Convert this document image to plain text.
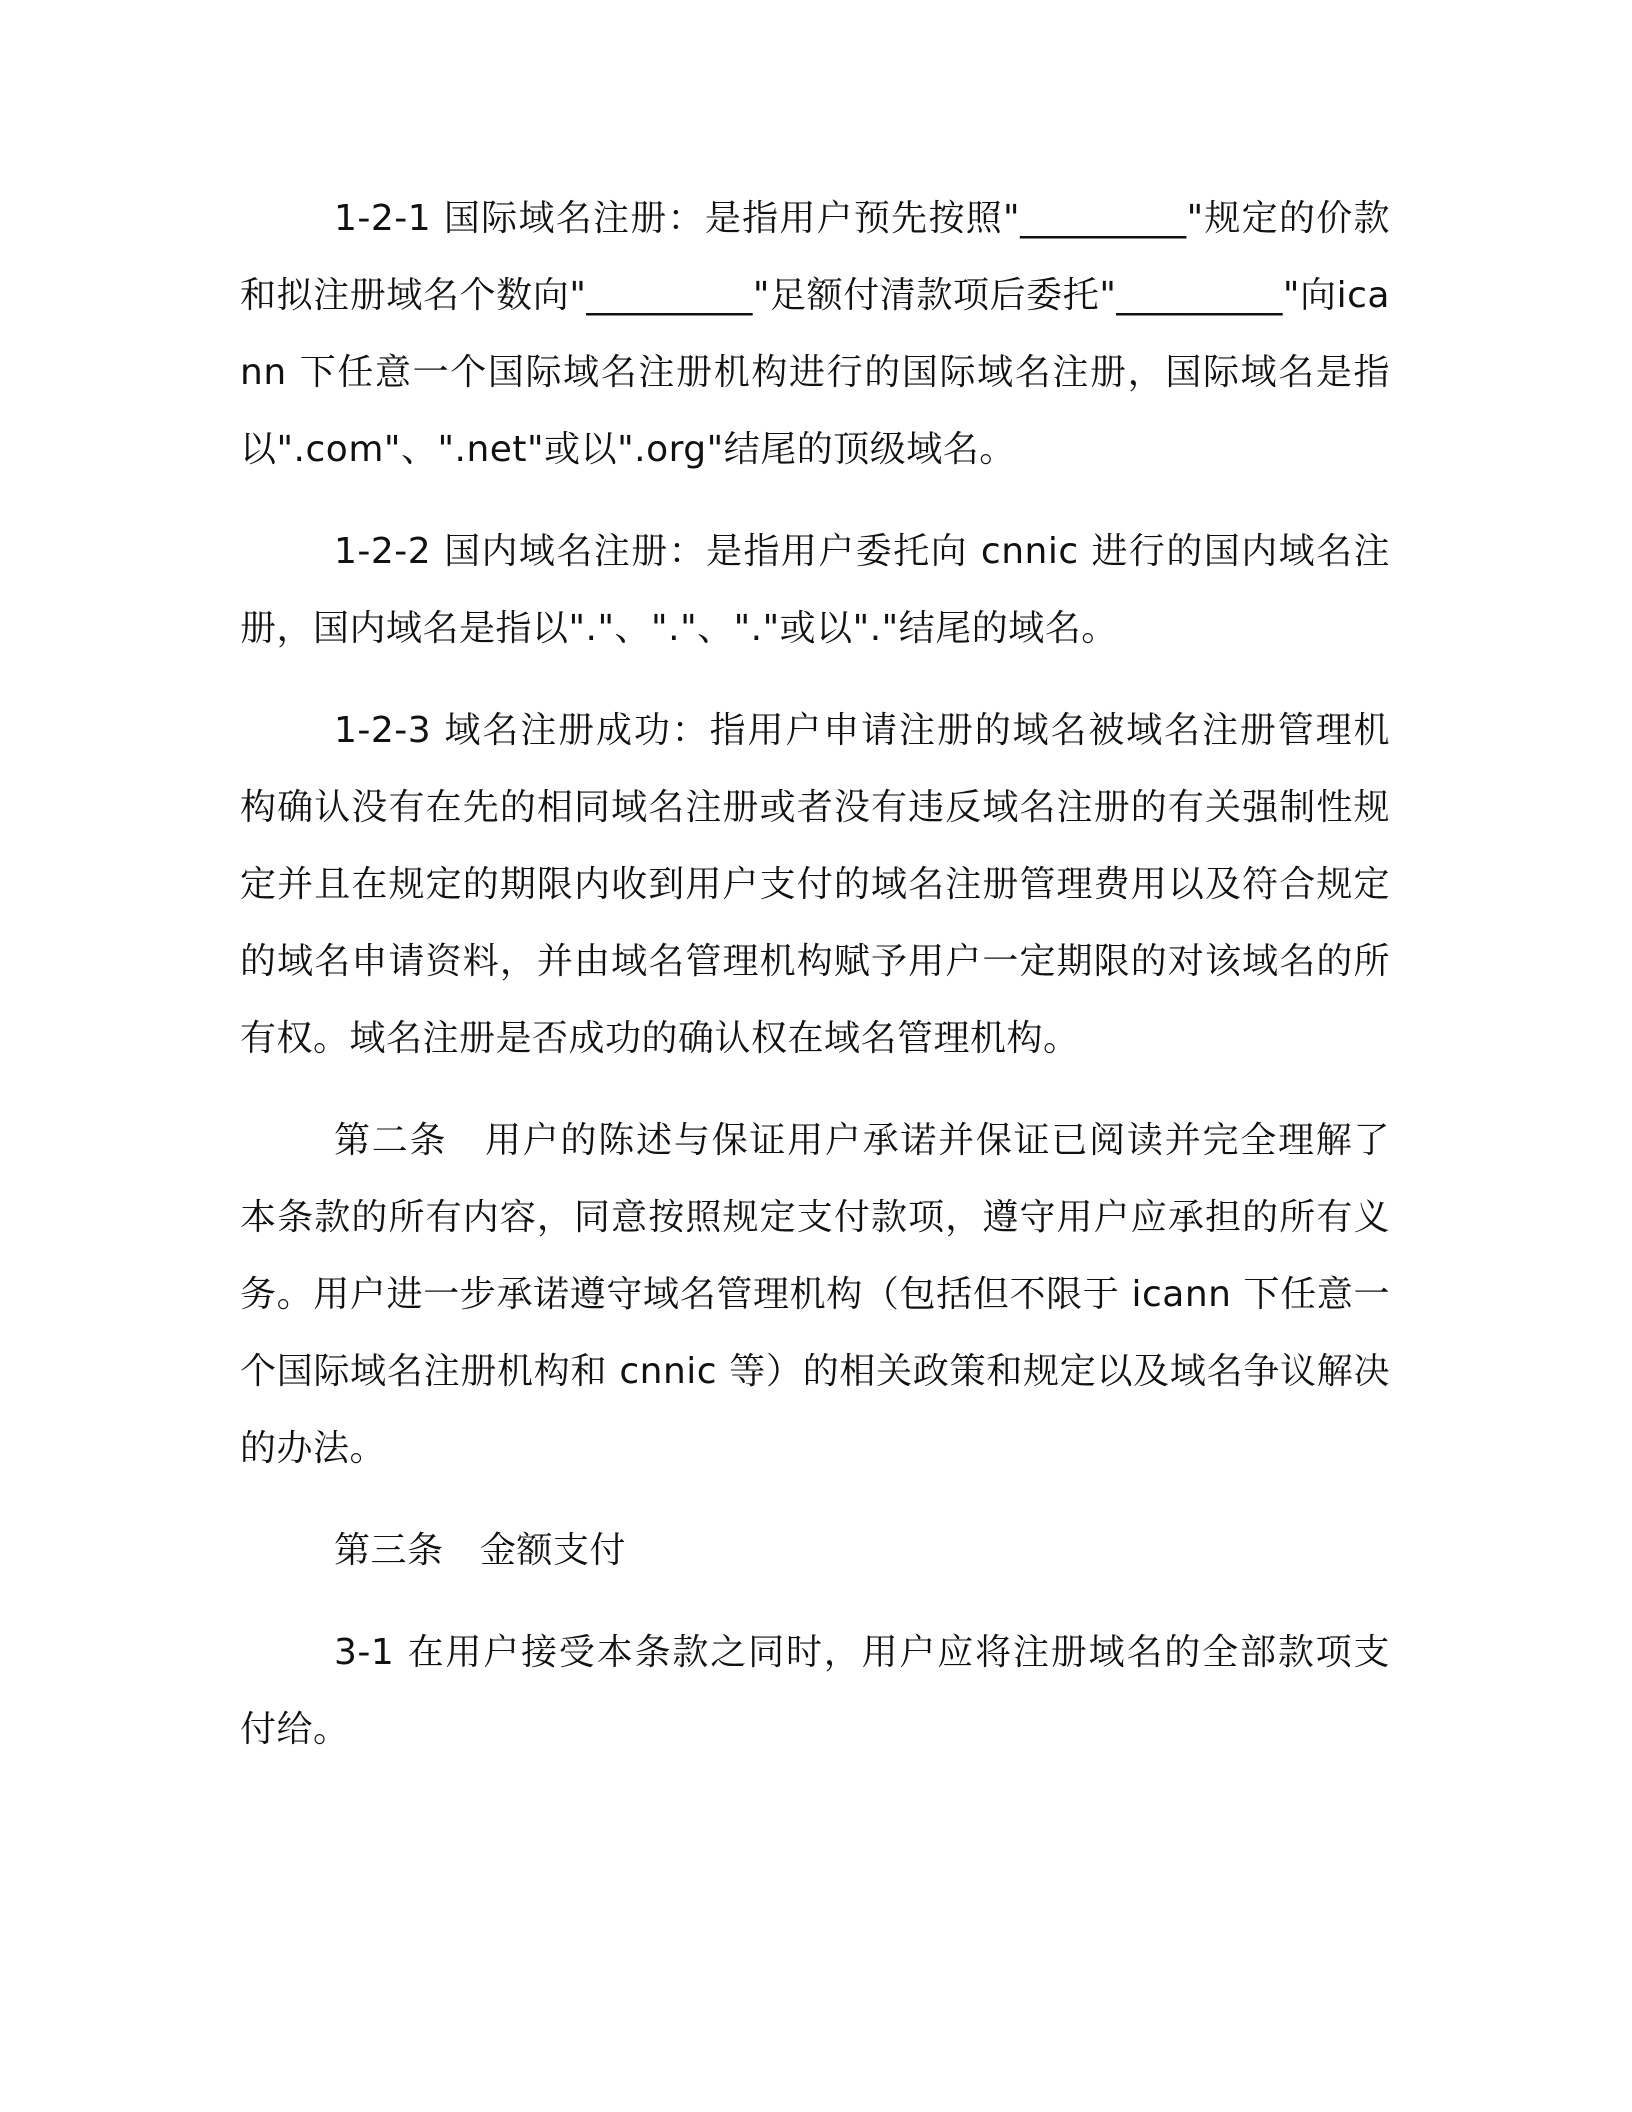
1-2-1 国际域名注册：是指用户预先按照"_________"规定的价款和拟注册域名个数向"_________"足额付清款项后委托"_________"向icann 下任意一个国际域名注册机构进行的国际域名注册，国际域名是指以".com"、".net"或以".org"结尾的顶级域名。

1-2-2 国内域名注册：是指用户委托向 cnnic 进行的国内域名注册，国内域名是指以"."、"."、"."或以"."结尾的域名。

1-2-3 域名注册成功：指用户申请注册的域名被域名注册管理机构确认没有在先的相同域名注册或者没有违反域名注册的有关强制性规定并且在规定的期限内收到用户支付的域名注册管理费用以及符合规定的域名申请资料，并由域名管理机构赋予用户一定期限的对该域名的所有权。域名注册是否成功的确认权在域名管理机构。

第二条　用户的陈述与保证用户承诺并保证已阅读并完全理解了本条款的所有内容，同意按照规定支付款项，遵守用户应承担的所有义务。用户进一步承诺遵守域名管理机构（包括但不限于 icann 下任意一个国际域名注册机构和 cnnic 等）的相关政策和规定以及域名争议解决的办法。

第三条　金额支付

3-1 在用户接受本条款之同时，用户应将注册域名的全部款项支付给。
